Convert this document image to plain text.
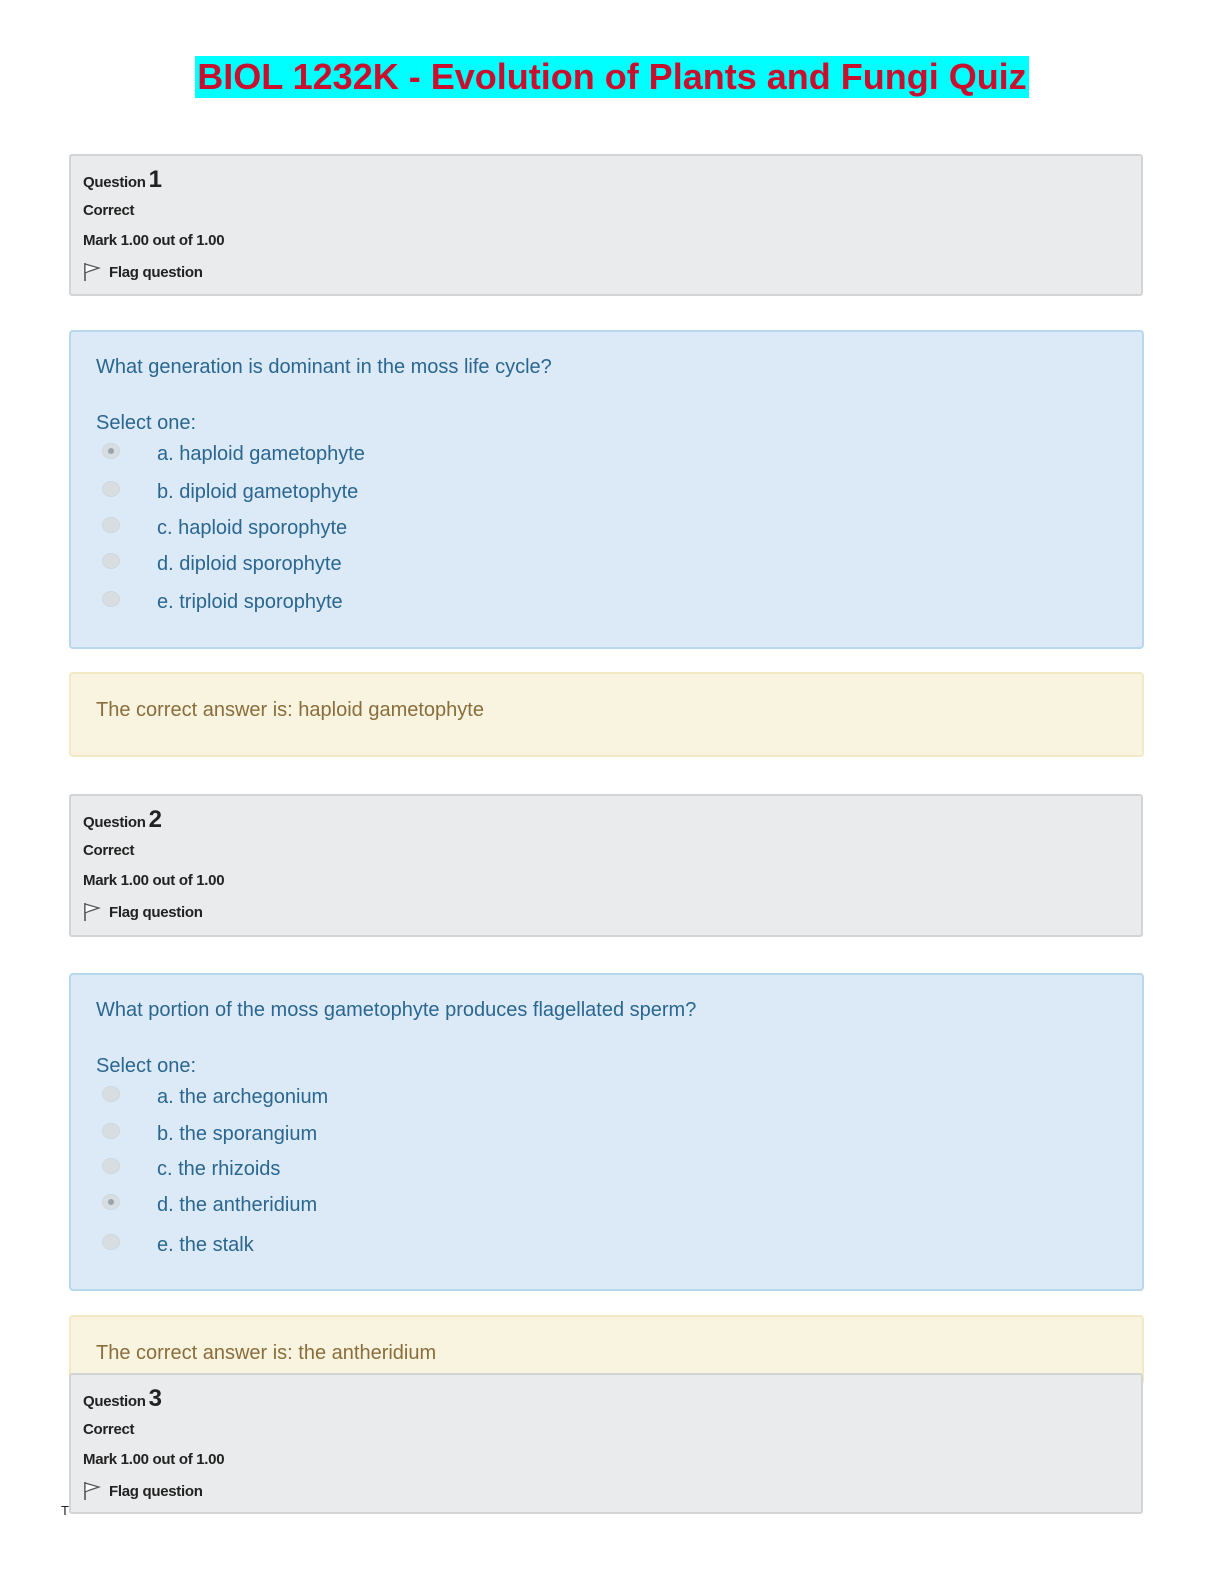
BIOL 1232K - Evolution of Plants and Fungi Quiz
Question 1
Correct
Mark 1.00 out of 1.00
Flag question
What generation is dominant in the moss life cycle?
Select one:
a. haploid gametophyte
b. diploid gametophyte
c. haploid sporophyte
d. diploid sporophyte
e. triploid sporophyte
The correct answer is: haploid gametophyte
Question 2
Correct
Mark 1.00 out of 1.00
Flag question
What portion of the moss gametophyte produces flagellated sperm?
Select one:
a. the archegonium
b. the sporangium
c. the rhizoids
d. the antheridium
e. the stalk
The correct answer is: the antheridium
Question 3
Correct
Mark 1.00 out of 1.00
Flag question
T
